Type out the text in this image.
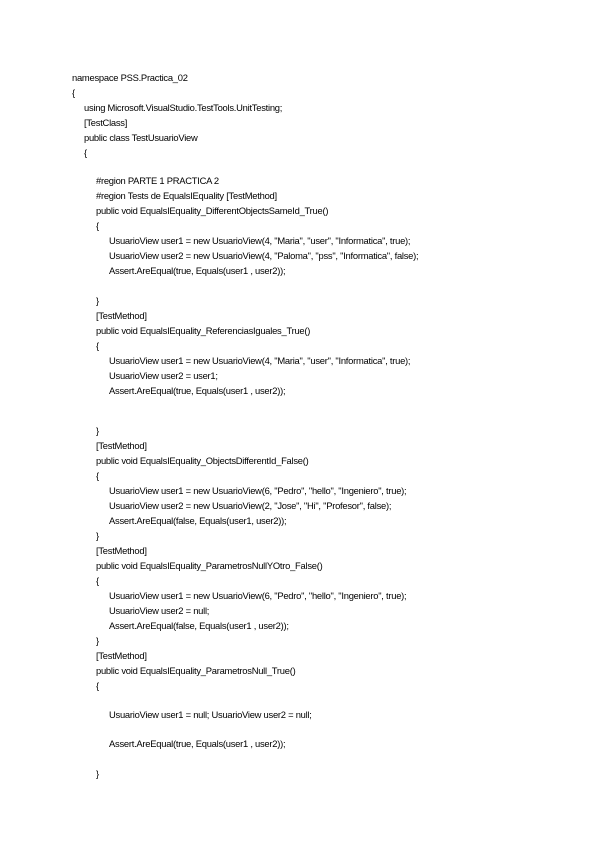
namespace PSS.Practica_02
{
using Microsoft.VisualStudio.TestTools.UnitTesting;
[TestClass]
public class TestUsuarioView
{
#region PARTE 1 PRACTICA 2
#region Tests de EqualsIEquality [TestMethod]
public void EqualsIEquality_DifferentObjectsSameId_True()
{
UsuarioView user1 = new UsuarioView(4, "Maria", "user", "Informatica", true);
UsuarioView user2 = new UsuarioView(4, "Paloma", "pss", "Informatica", false);
Assert.AreEqual(true, Equals(user1 , user2));
}
[TestMethod]
public void EqualsIEquality_ReferenciasIguales_True()
{
UsuarioView user1 = new UsuarioView(4, "Maria", "user", "Informatica", true);
UsuarioView user2 = user1;
Assert.AreEqual(true, Equals(user1 , user2));
}
[TestMethod]
public void EqualsIEquality_ObjectsDifferentId_False()
{
UsuarioView user1 = new UsuarioView(6, "Pedro", "hello", "Ingeniero", true);
UsuarioView user2 = new UsuarioView(2, "Jose", "Hi", "Profesor", false);
Assert.AreEqual(false, Equals(user1, user2));
}
[TestMethod]
public void EqualsIEquality_ParametrosNullYOtro_False()
{
UsuarioView user1 = new UsuarioView(6, "Pedro", "hello", "Ingeniero", true);
UsuarioView user2 = null;
Assert.AreEqual(false, Equals(user1 , user2));
}
[TestMethod]
public void EqualsIEquality_ParametrosNull_True()
{
UsuarioView user1 = null; UsuarioView user2 = null;
Assert.AreEqual(true, Equals(user1 , user2));
}
